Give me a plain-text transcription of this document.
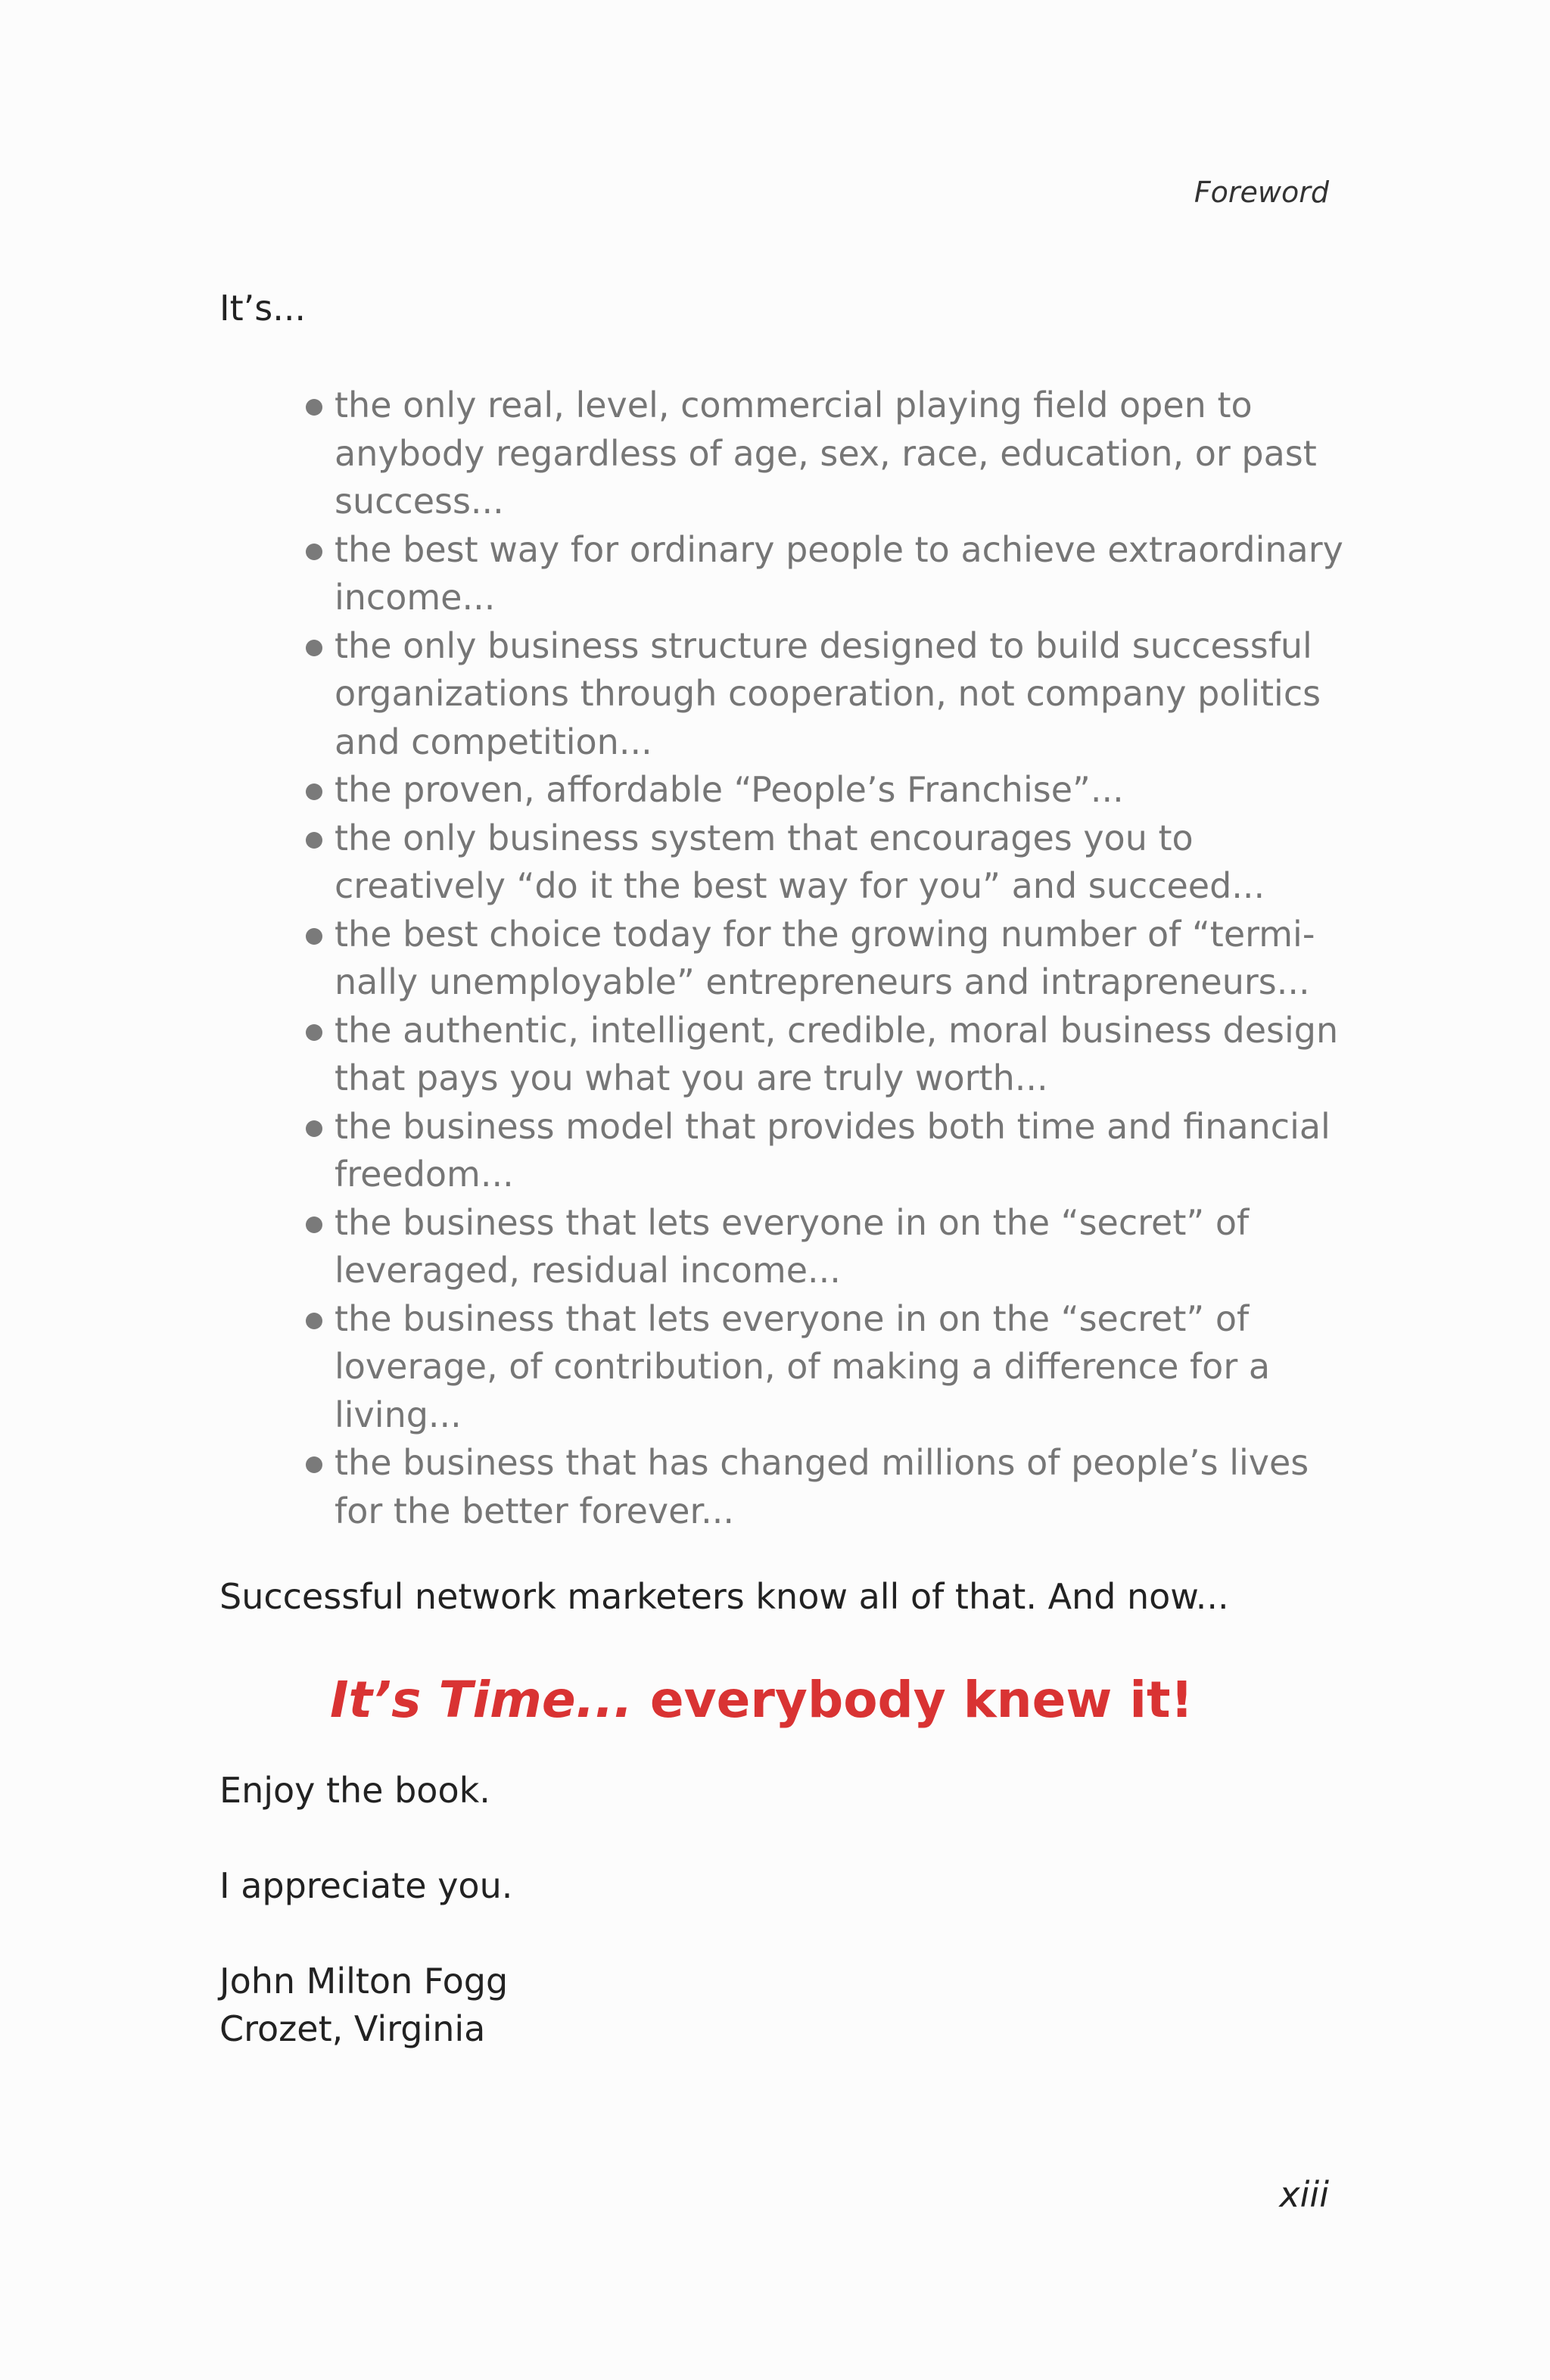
Foreword
It’s...
the only real, level, commercial playing field open to anybody regardless of age, sex, race, education, or past success...
the best way for ordinary people to achieve extraordinary income...
the only business structure designed to build successful organizations through cooperation, not company politics and competition...
the proven, affordable “People’s Franchise”...
the only business system that encourages you to creatively “do it the best way for you” and succeed...
the best choice today for the growing number of “termi-nally unemployable” entrepreneurs and intrapreneurs...
the authentic, intelligent, credible, moral business design that pays you what you are truly worth...
the business model that provides both time and financial freedom...
the business that lets everyone in on the “secret” of leveraged, residual income...
the business that lets everyone in on the “secret” of loverage, of contribution, of making a difference for a living...
the business that has changed millions of people’s lives for the better forever...
Successful network marketers know all of that. And now...
It’s Time... everybody knew it!
Enjoy the book.
I appreciate you.
John Milton Fogg
Crozet, Virginia
xiii
